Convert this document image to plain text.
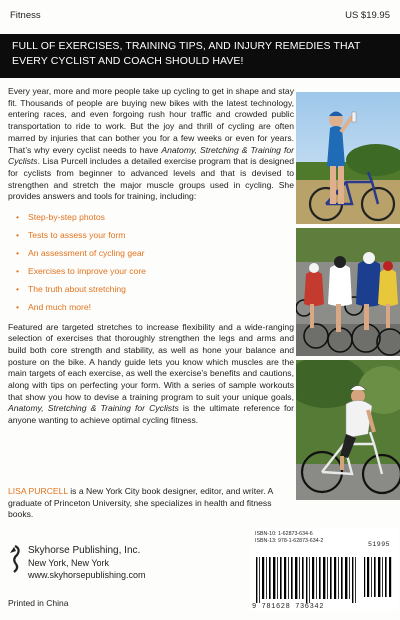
Fitness	US $19.95
FULL OF EXERCISES, TRAINING TIPS, AND INJURY REMEDIES THAT EVERY CYCLIST AND COACH SHOULD HAVE!

Every year, more and more people take up cycling to get in shape and stay fit. Thousands of people are buying new bikes with the latest technology, entering races, and even forgoing rush hour traffic and crowded public transportation to ride to work. But the joy and thrill of cycling are often marred by injuries that can bother you for a few weeks or even for years. That’s why every cyclist needs to have Anatomy, Stretching & Training for Cyclists. Lisa Purcell includes a detailed exercise program that is designed for cyclists from beginner to advanced levels and that is devised to strengthen and stretch the major muscle groups used in cycling. She provides answers and tools for training, including:

• Step-by-step photos
• Tests to assess your form
• An assessment of cycling gear
• Exercises to improve your core
• The truth about stretching
• And much more!

Featured are targeted stretches to increase flexibility and a wide-ranging selection of exercises that thoroughly strengthen the legs and arms and build both core strength and stability, as well as hone your balance and posture on the bike. A handy guide lets you know which muscles are the main targets of each exercise, as well the exercise’s benefits and cautions, along with tips on perfecting your form. With a series of sample workouts that show you how to devise a training program to suit your unique goals, Anatomy, Stretching & Training for Cyclists is the ultimate reference for anyone wanting to achieve optimal cycling fitness.

LISA PURCELL is a New York City book designer, editor, and writer. A graduate of Princeton University, she specializes in health and fitness books.
Skyhorse Publishing, Inc.
New York, New York
www.skyhorsepublishing.com
Printed in China
ISBN-10: 1-62873-634-6
ISBN-13: 978-1-62873-634-2	51995
9 781628 736342
